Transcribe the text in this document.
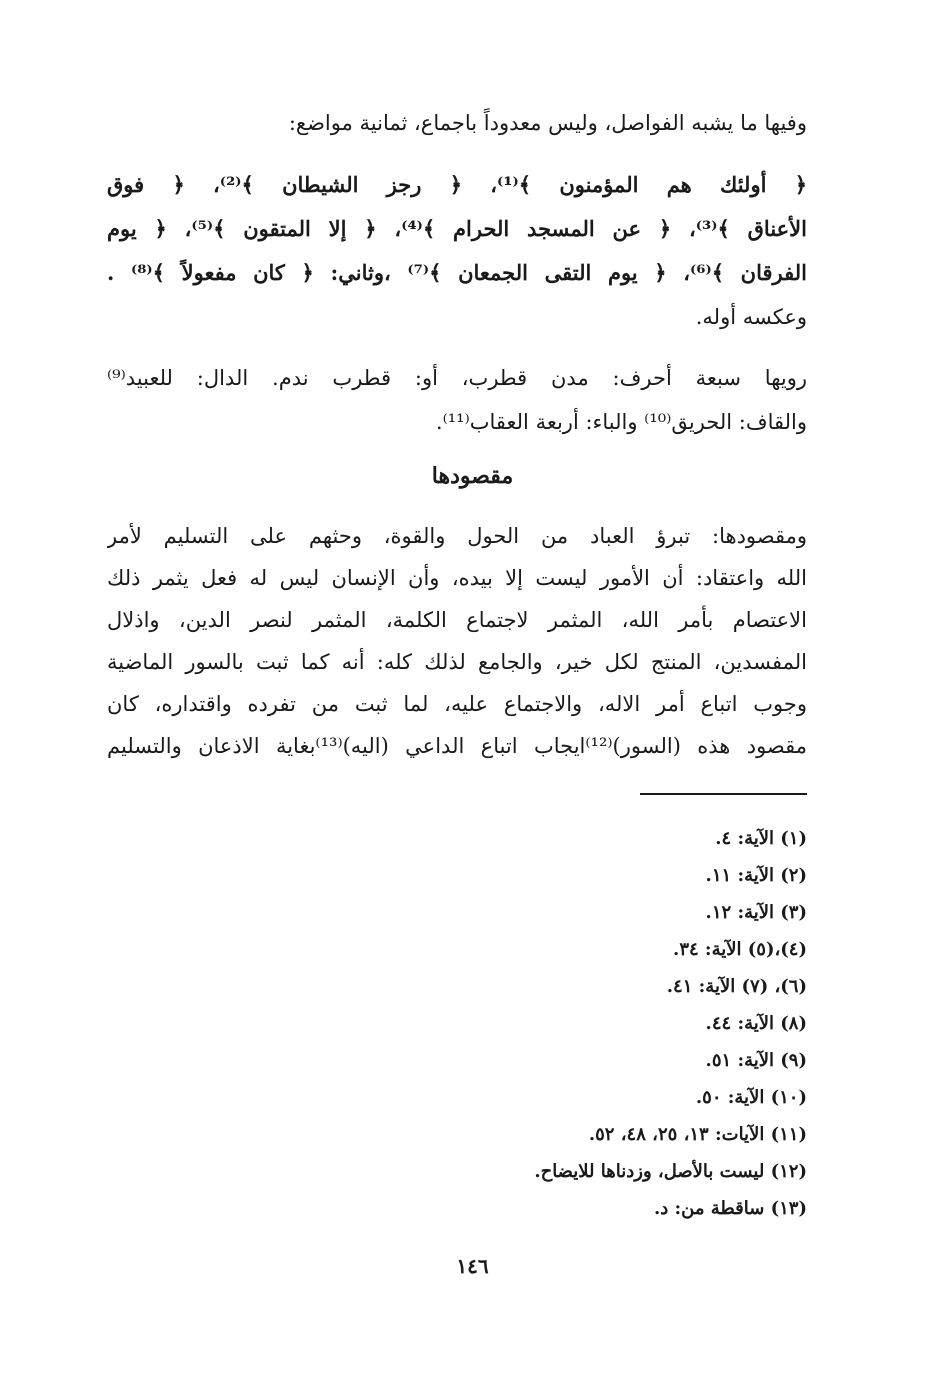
وفيها ما يشبه الفواصل، وليس معدوداً باجماع، ثمانية مواضع:
﴿ أولئك هم المؤمنون ﴾⁽¹⁾، ﴿ رجز الشيطان ﴾⁽²⁾، ﴿ فوق
الأعناق ﴾⁽³⁾، ﴿ عن المسجد الحرام ﴾⁽⁴⁾، ﴿ إلا المتقون ﴾⁽⁵⁾، ﴿ يوم
الفرقان ﴾⁽⁶⁾، ﴿ يوم التقى الجمعان ﴾⁽⁷⁾ ،وثاني: ﴿ كان مفعولاً ﴾⁽⁸⁾ .
وعكسه أوله.
رويها سبعة أحرف: مدن قطرب، أو: قطرب ندم. الدال: للعبيد⁽⁹⁾
والقاف: الحريق⁽¹⁰⁾ والباء: أربعة العقاب⁽¹¹⁾.
مقصودها
ومقصودها: تبرؤ العباد من الحول والقوة، وحثهم على التسليم لأمر
الله واعتقاد: أن الأمور ليست إلا بيده، وأن الإنسان ليس له فعل يثمر ذلك
الاعتصام بأمر الله، المثمر لاجتماع الكلمة، المثمر لنصر الدين، واذلال
المفسدين، المنتج لكل خير، والجامع لذلك كله: أنه كما ثبت بالسور الماضية
وجوب اتباع أمر الاله، والاجتماع عليه، لما ثبت من تفرده واقتداره، كان
مقصود هذه (السور)⁽¹²⁾ايجاب اتباع الداعي (اليه)⁽¹³⁾بغاية الاذعان والتسليم
(١) الآية: ٤.
(٢) الآية: ١١.
(٣) الآية: ١٢.
(٤)،(٥) الآية: ٣٤.
(٦)، (٧) الآية: ٤١.
(٨) الآية: ٤٤.
(٩) الآية: ٥١.
(١٠) الآية: ٥٠.
(١١) الآيات: ١٣، ٢٥، ٤٨، ٥٢.
(١٢) ليست بالأصل، وزدناها للايضاح.
(١٣) ساقطة من: د.
١٤٦
